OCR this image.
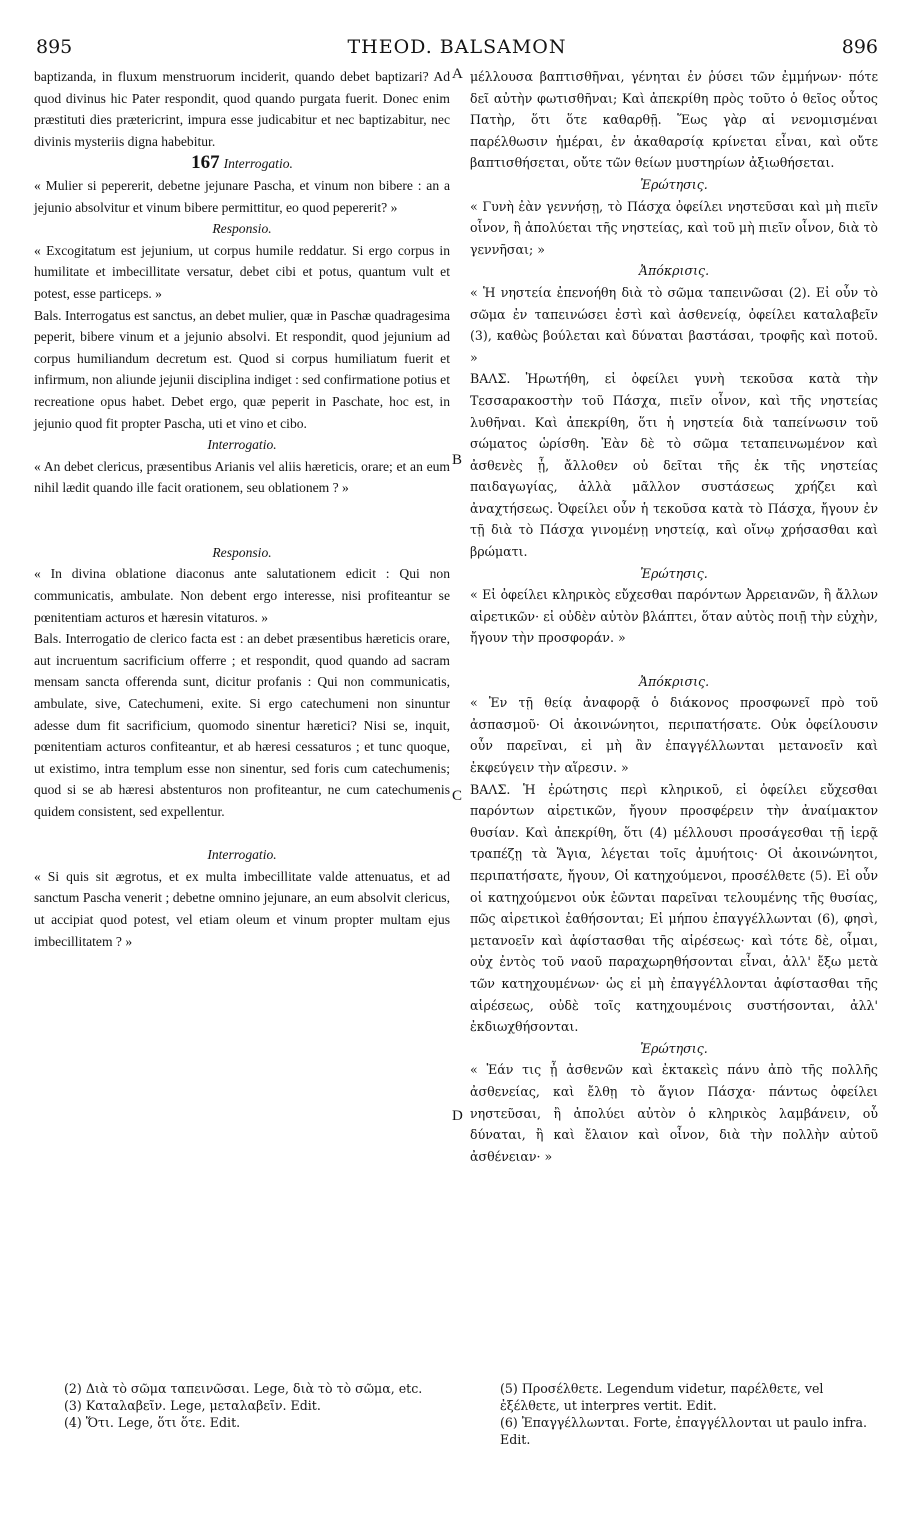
895	THEOD. BALSAMON	896

baptizanda, in fluxum menstruorum inciderit, quando debet baptizari? Ad quod divinus hic Pater respondit, quod quando purgata fuerit. Donec enim præstituti dies prætericrint, impura esse judicabitur et nec baptizabitur, nec divinis mysteriis digna habebitur.

167 Interrogatio.

« Mulier si pepererit, debetne jejunare Pascha, et vinum non bibere : an a jejunio absolvitur et vinum bibere permittitur, eo quod pepererit? »

Responsio.

« Excogitatum est jejunium, ut corpus humile reddatur. Si ergo corpus in humilitate et imbecillitate versatur, debet cibi et potus, quantum vult et potest, esse particeps. »

Bals. Interrogatus est sanctus, an debet mulier, quæ in Paschæ quadragesima peperit, bibere vinum et a jejunio absolvi. Et respondit, quod jejunium ad corpus humiliandum decretum est. Quod si corpus humiliatum fuerit et infirmum, non aliunde jejunii disciplina indiget : sed confirmatione potius et recreatione opus habet. Debet ergo, quæ peperit in Paschate, hoc est, in jejunio quod fit propter Pascha, uti et vino et cibo.

Interrogatio.

« An debet clericus, præsentibus Arianis vel aliis hæreticis, orare; et an eum nihil lædit quando ille facit orationem, seu oblationem ? »

Responsio.

« In divina oblatione diaconus ante salutationem edicit : Qui non communicatis, ambulate. Non debent ergo interesse, nisi profiteantur se pœnitentiam acturos et hæresin vitaturos. »

Bals. Interrogatio de clerico facta est : an debet præsentibus hæreticis orare, aut incruentum sacrificium offerre ; et respondit, quod quando ad sacram mensam sancta offerenda sunt, dicitur profanis : Qui non communicatis, ambulate, sive, Catechumeni, exite. Si ergo catechumeni non sinuntur adesse dum fit sacrificium, quomodo sinentur hæretici? Nisi se, inquit, pœnitentiam acturos confiteantur, et ab hæresi cessaturos ; et tunc quoque, ut existimo, intra templum esse non sinentur, sed foris cum catechumenis; quod si se ab hæresi abstenturos non profiteantur, ne cum catechumenis quidem consistent, sed expellentur.

Interrogatio.

« Si quis sit ægrotus, et ex multa imbecillitate valde attenuatus, et ad sanctum Pascha venerit ; debetne omnino jejunare, an eum absolvit clericus, ut accipiat quod potest, vel etiam oleum et vinum propter multam ejus imbecillitatem ? »

A
B
C
D

μέλλουσα βαπτισθῆναι, γένηται ἐν ῥύσει τῶν ἐμμήνων· πότε δεῖ αὐτὴν φωτισθῆναι; Καὶ ἀπεκρίθη πρὸς τοῦτο ὁ θεῖος οὗτος Πατὴρ, ὅτι ὅτε καθαρθῇ. Ἕως γὰρ αἱ νενομισμέναι παρέλθωσιν ἡμέραι, ἐν ἀκαθαρσίᾳ κρίνεται εἶναι, καὶ οὔτε βαπτισθήσεται, οὔτε τῶν θείων μυστηρίων ἀξιωθήσεται.

Ἐρώτησις.

« Γυνὴ ἐὰν γεννήσῃ, τὸ Πάσχα ὀφείλει νηστεῦσαι καὶ μὴ πιεῖν οἶνον, ἢ ἀπολύεται τῆς νηστείας, καὶ τοῦ μὴ πιεῖν οἶνον, διὰ τὸ γεννῆσαι; »

Ἀπόκρισις.

« Ἡ νηστεία ἐπενοήθη διὰ τὸ σῶμα ταπεινῶσαι (2). Εἰ οὖν τὸ σῶμα ἐν ταπεινώσει ἐστὶ καὶ ἀσθενείᾳ, ὀφείλει καταλαβεῖν (3), καθὼς βούλεται καὶ δύναται βαστάσαι, τροφῆς καὶ ποτοῦ. »

ΒΑΛΣ. Ἠρωτήθη, εἰ ὀφείλει γυνὴ τεκοῦσα κατὰ τὴν Τεσσαρακοστὴν τοῦ Πάσχα, πιεῖν οἶνον, καὶ τῆς νηστείας λυθῆναι. Καὶ ἀπεκρίθη, ὅτι ἡ νηστεία διὰ ταπείνωσιν τοῦ σώματος ὡρίσθη. Ἐὰν δὲ τὸ σῶμα τεταπεινωμένον καὶ ἀσθενὲς ᾖ, ἄλλοθεν οὐ δεῖται τῆς ἐκ τῆς νηστείας παιδαγωγίας, ἀλλὰ μᾶλλον συστάσεως χρήζει καὶ ἀναχτήσεως. Ὀφείλει οὖν ἡ τεκοῦσα κατὰ τὸ Πάσχα, ἤγουν ἐν τῇ διὰ τὸ Πάσχα γινομένῃ νηστείᾳ, καὶ οἴνῳ χρήσασθαι καὶ βρώματι.

Ἐρώτησις.

« Εἰ ὀφείλει κληρικὸς εὔχεσθαι παρόντων Ἀρρειανῶν, ἢ ἄλλων αἱρετικῶν· εἰ οὐδὲν αὐτὸν βλάπτει, ὅταν αὐτὸς ποιῇ τὴν εὐχὴν, ἤγουν τὴν προσφοράν. »

Ἀπόκρισις.

« Ἐν τῇ θείᾳ ἀναφορᾷ ὁ διάκονος προσφωνεῖ πρὸ τοῦ ἀσπασμοῦ· Οἱ ἀκοινώνητοι, περιπατήσατε. Οὐκ ὀφείλουσιν οὖν παρεῖναι, εἰ μὴ ἂν ἐπαγγέλλωνται μετανοεῖν καὶ ἐκφεύγειν τὴν αἵρεσιν. »

ΒΑΛΣ. Ἡ ἐρώτησις περὶ κληρικοῦ, εἰ ὀφείλει εὔχεσθαι παρόντων αἱρετικῶν, ἤγουν προσφέρειν τὴν ἀναίμακτον θυσίαν. Καὶ ἀπεκρίθη, ὅτι (4) μέλλουσι προσάγεσθαι τῇ ἱερᾷ τραπέζῃ τὰ Ἅγια, λέγεται τοῖς ἀμυήτοις· Οἱ ἀκοινώνητοι, περιπατήσατε, ἤγουν, Οἱ κατηχούμενοι, προσέλθετε (5). Εἰ οὖν οἱ κατηχούμενοι οὐκ ἐῶνται παρεῖναι τελουμένης τῆς θυσίας, πῶς αἱρετικοὶ ἐαθήσονται; Εἰ μήπου ἐπαγγέλλωνται (6), φησὶ, μετανοεῖν καὶ ἀφίστασθαι τῆς αἱρέσεως· καὶ τότε δὲ, οἶμαι, οὐχ ἐντὸς τοῦ ναοῦ παραχωρηθήσονται εἶναι, ἀλλ' ἔξω μετὰ τῶν κατηχουμένων· ὡς εἰ μὴ ἐπαγγέλλονται ἀφίστασθαι τῆς αἱρέσεως, οὐδὲ τοῖς κατηχουμένοις συστήσονται, ἀλλ' ἐκδιωχθήσονται.

Ἐρώτησις.

« Ἐάν τις ᾖ ἀσθενῶν καὶ ἐκτακεὶς πάνυ ἀπὸ τῆς πολλῆς ἀσθενείας, καὶ ἔλθῃ τὸ ἅγιον Πάσχα· πάντως ὀφείλει νηστεῦσαι, ἢ ἀπολύει αὐτὸν ὁ κληρικὸς λαμβάνειν, οὗ δύναται, ἢ καὶ ἔλαιον καὶ οἶνον, διὰ τὴν πολλὴν αὐτοῦ ἀσθένειαν· »

(2) Διὰ τὸ σῶμα ταπεινῶσαι. Lege, διὰ τὸ τὸ σῶμα, etc.

(3) Καταλαβεῖν. Lege, μεταλαβεῖν. Edit.

(4) Ὅτι. Lege, ὅτι ὅτε. Edit.

(5) Προσέλθετε. Legendum videtur, παρέλθετε, vel ἐξέλθετε, ut interpres vertit. Edit.

(6) Ἐπαγγέλλωνται. Forte, ἐπαγγέλλονται ut paulo infra. Edit.
